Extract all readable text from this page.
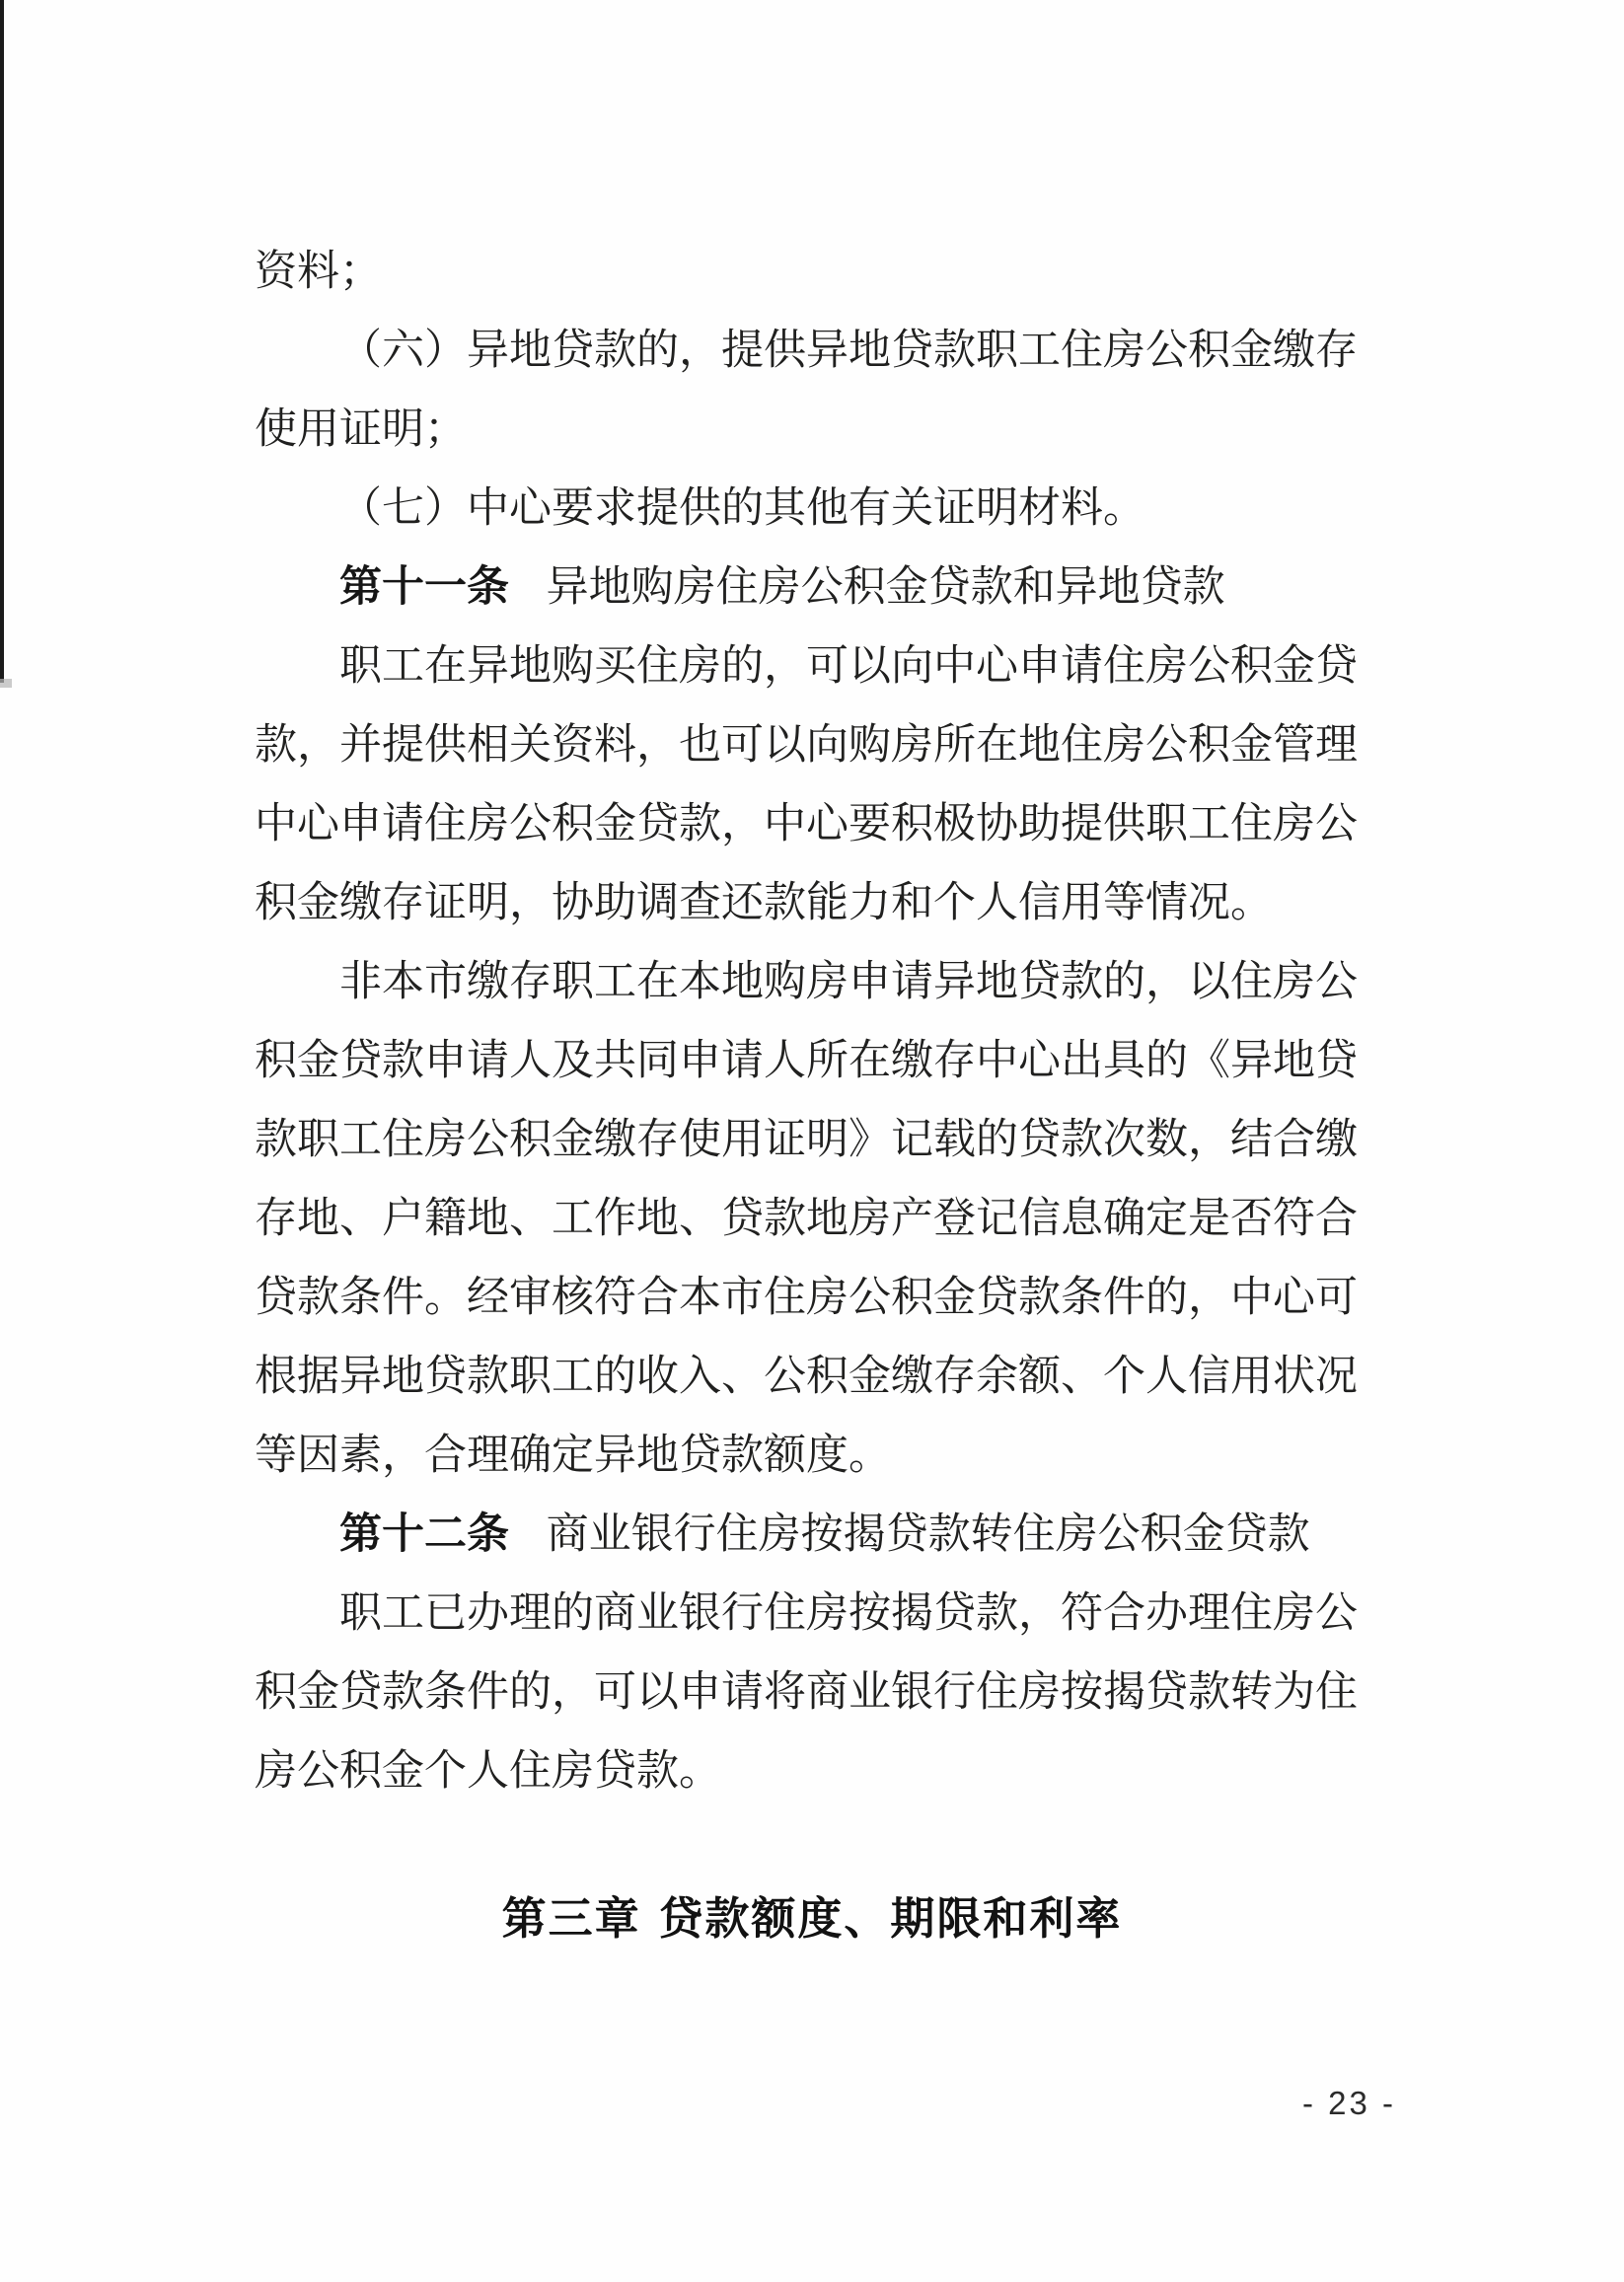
资料；

（六）异地贷款的，提供异地贷款职工住房公积金缴存

使用证明；

（七）中心要求提供的其他有关证明材料。

第十一条 异地购房住房公积金贷款和异地贷款

职工在异地购买住房的，可以向中心申请住房公积金贷

款，并提供相关资料，也可以向购房所在地住房公积金管理

中心申请住房公积金贷款，中心要积极协助提供职工住房公

积金缴存证明，协助调查还款能力和个人信用等情况。

非本市缴存职工在本地购房申请异地贷款的，以住房公

积金贷款申请人及共同申请人所在缴存中心出具的《异地贷

款职工住房公积金缴存使用证明》记载的贷款次数，结合缴

存地、户籍地、工作地、贷款地房产登记信息确定是否符合

贷款条件。经审核符合本市住房公积金贷款条件的，中心可

根据异地贷款职工的收入、公积金缴存余额、个人信用状况

等因素，合理确定异地贷款额度。

第十二条 商业银行住房按揭贷款转住房公积金贷款

职工已办理的商业银行住房按揭贷款，符合办理住房公

积金贷款条件的，可以申请将商业银行住房按揭贷款转为住

房公积金个人住房贷款。

第三章 贷款额度、期限和利率
- 23 -
